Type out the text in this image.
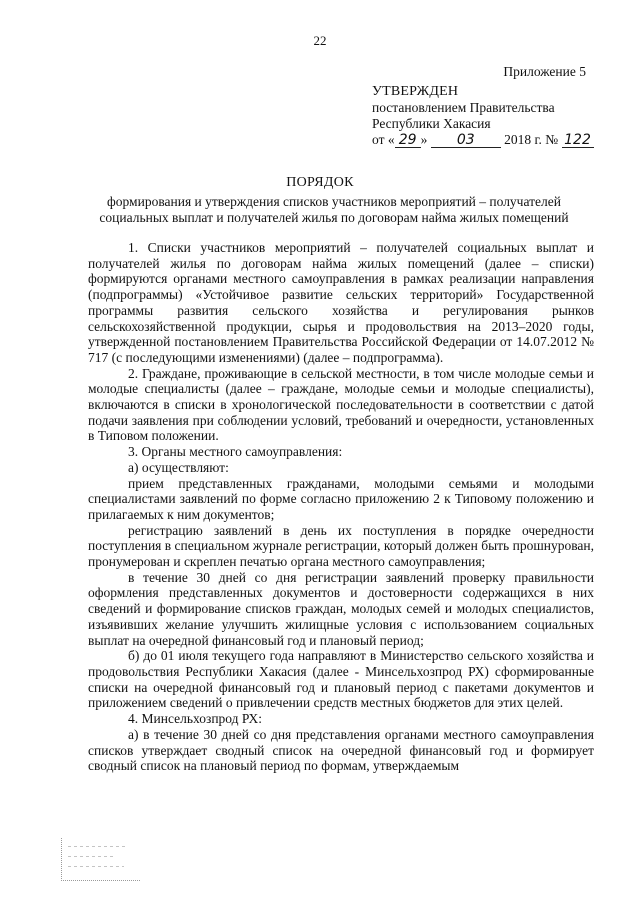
22
Приложение 5
УТВЕРЖДЕН
постановлением Правительства
Республики Хакасия
от « 29 » 03 2018 г. № 122
ПОРЯДОК
формирования и утверждения списков участников мероприятий – получателей социальных выплат и получателей жилья по договорам найма жилых помещений

1. Списки участников мероприятий – получателей социальных выплат и получателей жилья по договорам найма жилых помещений (далее – списки) формируются органами местного самоуправления в рамках реализации направления (подпрограммы) «Устойчивое развитие сельских территорий» Государственной программы развития сельского хозяйства и регулирования рынков сельскохозяйственной продукции, сырья и продовольствия на 2013–2020 годы, утвержденной постановлением Правительства Российской Федерации от 14.07.2012 № 717 (с последующими изменениями) (далее – подпрограмма).

2. Граждане, проживающие в сельской местности, в том числе молодые семьи и молодые специалисты (далее – граждане, молодые семьи и молодые специалисты), включаются в списки в хронологической последовательности в соответствии с датой подачи заявления при соблюдении условий, требований и очередности, установленных в Типовом положении.

3. Органы местного самоуправления:

а) осуществляют:

прием представленных гражданами, молодыми семьями и молодыми специалистами заявлений по форме согласно приложению 2 к Типовому положению и прилагаемых к ним документов;

регистрацию заявлений в день их поступления в порядке очередности поступления в специальном журнале регистрации, который должен быть прошнурован, пронумерован и скреплен печатью органа местного самоуправления;

в течение 30 дней со дня регистрации заявлений проверку правильности оформления представленных документов и достоверности содержащихся в них сведений и формирование списков граждан, молодых семей и молодых специалистов, изъявивших желание улучшить жилищные условия с использованием социальных выплат на очередной финансовый год и плановый период;

б) до 01 июля текущего года направляют в Министерство сельского хозяйства и продовольствия Республики Хакасия (далее - Минсельхозпрод РХ) сформированные списки на очередной финансовый год и плановый период с пакетами документов и приложением сведений о привлечении средств местных бюджетов для этих целей.

4. Минсельхозпрод РХ:

а) в течение 30 дней со дня представления органами местного самоуправления списков утверждает сводный список на очередной финансовый год и формирует сводный список на плановый период по формам, утверждаемым
